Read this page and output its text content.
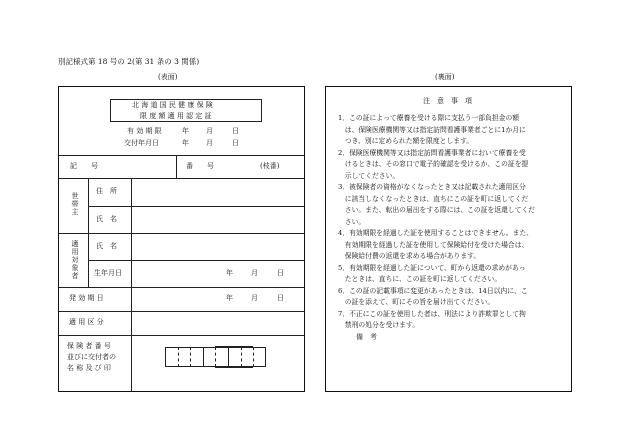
別記様式第 18 号の 2(第 31 条の 3 関係)
(表面)	(裏面)
北 海 道 国 民 健 康 保 険
限 度 額 適 用 認 定 証
有 効 期 限	年 月	日
交付年月日	年 月	日
記　　号	番　　号	(枝番)
世帯主
住　所
氏　名
適用対象者 氏　名
生年月日	年	月	日
発 効 期 日	年	月	日
適 用 区 分
保 険 者 番 号
並びに交付者の
名 称 及 び 印
注　意　事　項

1．この証によって療養を受ける際に支払う一部負担金の額

　は、保険医療機関等又は指定訪問看護事業者ごとに1か月に

　つき、別に定められた額を限度とします。

2．保険医療機関等又は指定訪問看護事業者において療養を受

　けるときは、その窓口で電子的確認を受けるか、この証を提

　示してください。

3．被保険者の資格がなくなったとき又は記載された適用区分

　に該当しなくなったときは、直ちにこの証を町に返してくだ

　さい。また、転出の届出をする際には、この証を返還してくだ

　さい。

4．有効期限を経過した証を使用することはできません。また、

　有効期限を経過した証を使用して保険給付を受けた場合は、

　保険給付費の返還を求める場合があります。

5．有効期限を経過した証について、町から返還の求めがあっ

　たときは、直ちに、この証を町に返してください。

6．この証の記載事項に変更があったときは、14日以内に、こ

　の証を添えて、町にその旨を届け出てください。

7．不正にこの証を使用した者は、刑法により詐欺罪として拘

　禁刑の処分を受けます。

備　考
